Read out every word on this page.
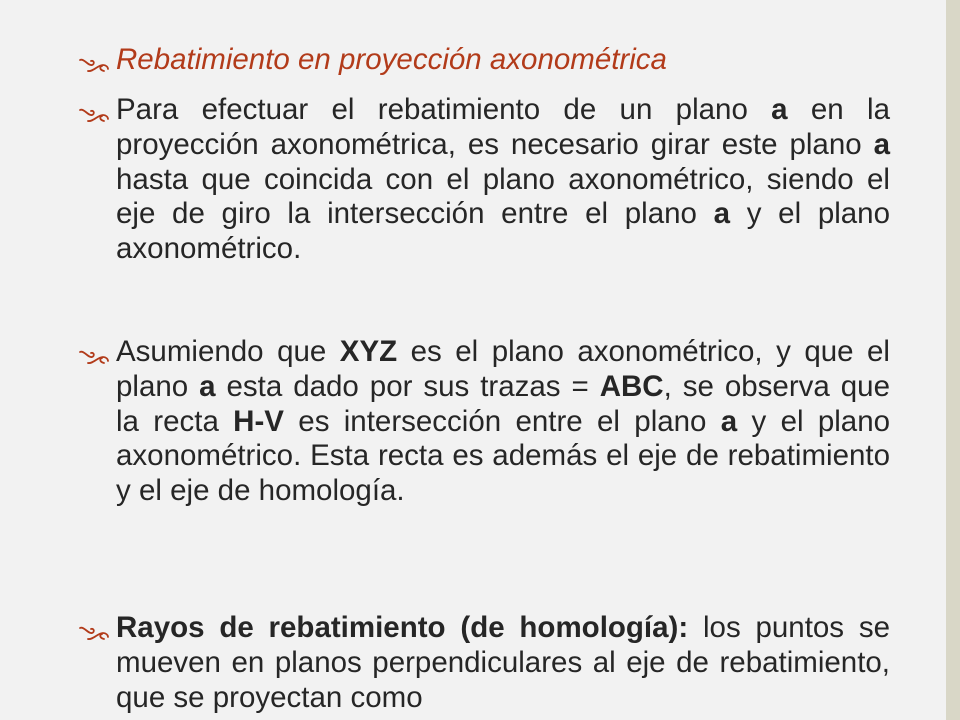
Rebatimiento en proyección axonométrica
Para efectuar el rebatimiento de un plano a en la proyección axonométrica, es necesario girar este plano a hasta que coincida con el plano axonométrico, siendo el eje de giro la intersección entre el plano a y el plano axonométrico.
Asumiendo que XYZ es el plano axonométrico, y que el plano a esta dado por sus trazas = ABC, se observa que la recta H-V es intersección entre el plano a y el plano axonométrico. Esta recta es además el eje de rebatimiento y el eje de homología.
Rayos de rebatimiento (de homología): los puntos se mueven en planos perpendiculares al eje de rebatimiento, que se proyectan como
